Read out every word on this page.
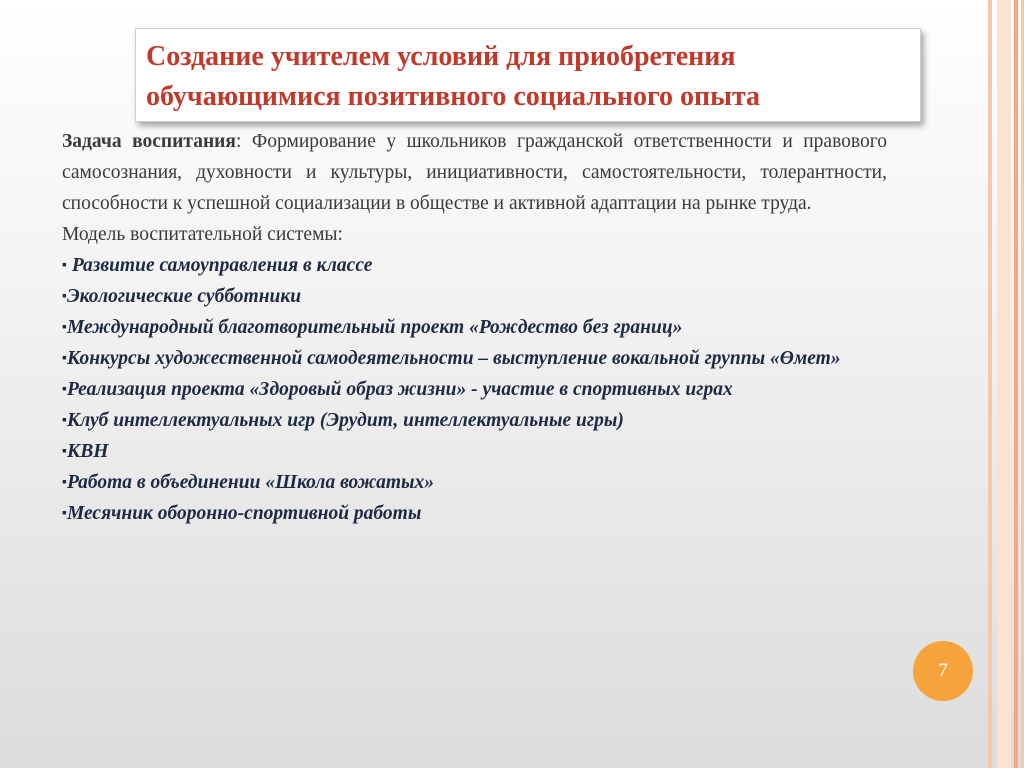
Создание учителем условий для приобретения обучающимися позитивного социального опыта

Задача воспитания: Формирование у школьников гражданской ответственности и правового самосознания, духовности и культуры, инициативности, самостоятельности, толерантности, способности к успешной социализации в обществе и активной адаптации на рынке труда.

Модель воспитательной системы:

▪ Развитие самоуправления в классе
▪Экологические субботники
▪Международный благотворительный проект «Рождество без границ»
▪Конкурсы художественной самодеятельности – выступление вокальной группы «Өмет»
▪Реализация проекта «Здоровый образ жизни» - участие в спортивных играх
▪Клуб интеллектуальных игр (Эрудит, интеллектуальные игры)
▪КВН
▪Работа в объединении «Школа вожатых»
▪Месячник оборонно-спортивной работы
7
